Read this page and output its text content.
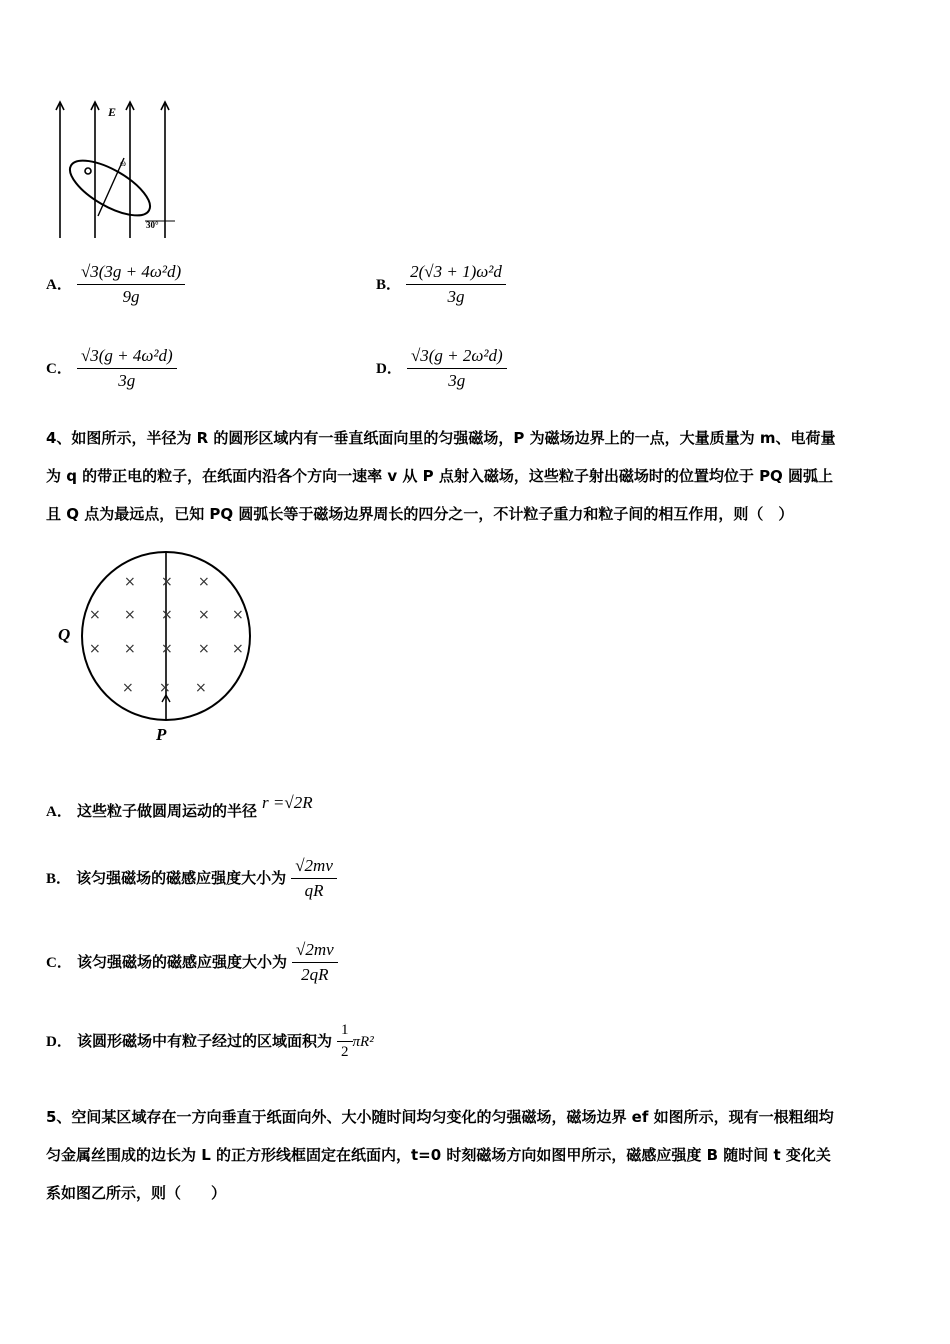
E
30°
ω
A． $\frac{\text{√3(3g + 4ω²d)}}{9g}$	B． $\frac{\text{2(√3 + 1)ω²d}}{3g}$
C． $\frac{\text{√3(g + 4ω²d)}}{3g}$	D． $\frac{\text{√3(g + 2ω²d)}}{3g}$
4、如图所示，半径为 R 的圆形区域内有一垂直纸面向里的匀强磁场，P 为磁场边界上的一点，大量质量为 m、电荷量
为 q 的带正电的粒子，在纸面内沿各个方向一速率 v 从 P 点射入磁场，这些粒子射出磁场时的位置均位于 PQ 圆弧上
且 Q 点为最远点，已知 PQ 圆弧长等于磁场边界周长的四分之一，不计粒子重力和粒子间的相互作用，则（　）
× × ×
× × × × ×
× × × × ×
× × ×
Q
P
A． 这些粒子做圆周运动的半径 r =√2R
B． 该匀强磁场的磁感应强度大小为 $\frac{√2mv}{qR}$
C． 该匀强磁场的磁感应强度大小为 $\frac{√2mv}{2qR}$
D． 该圆形磁场中有粒子经过的区域面积为 $\frac{1}{2} \pi R^2$
5、空间某区域存在一方向垂直于纸面向外、大小随时间均匀变化的匀强磁场，磁场边界 ef 如图所示，现有一根粗细均
匀金属丝围成的边长为 L 的正方形线框固定在纸面内，t=0 时刻磁场方向如图甲所示，磁感应强度 B 随时间 t 变化关
系如图乙所示，则（　　）
